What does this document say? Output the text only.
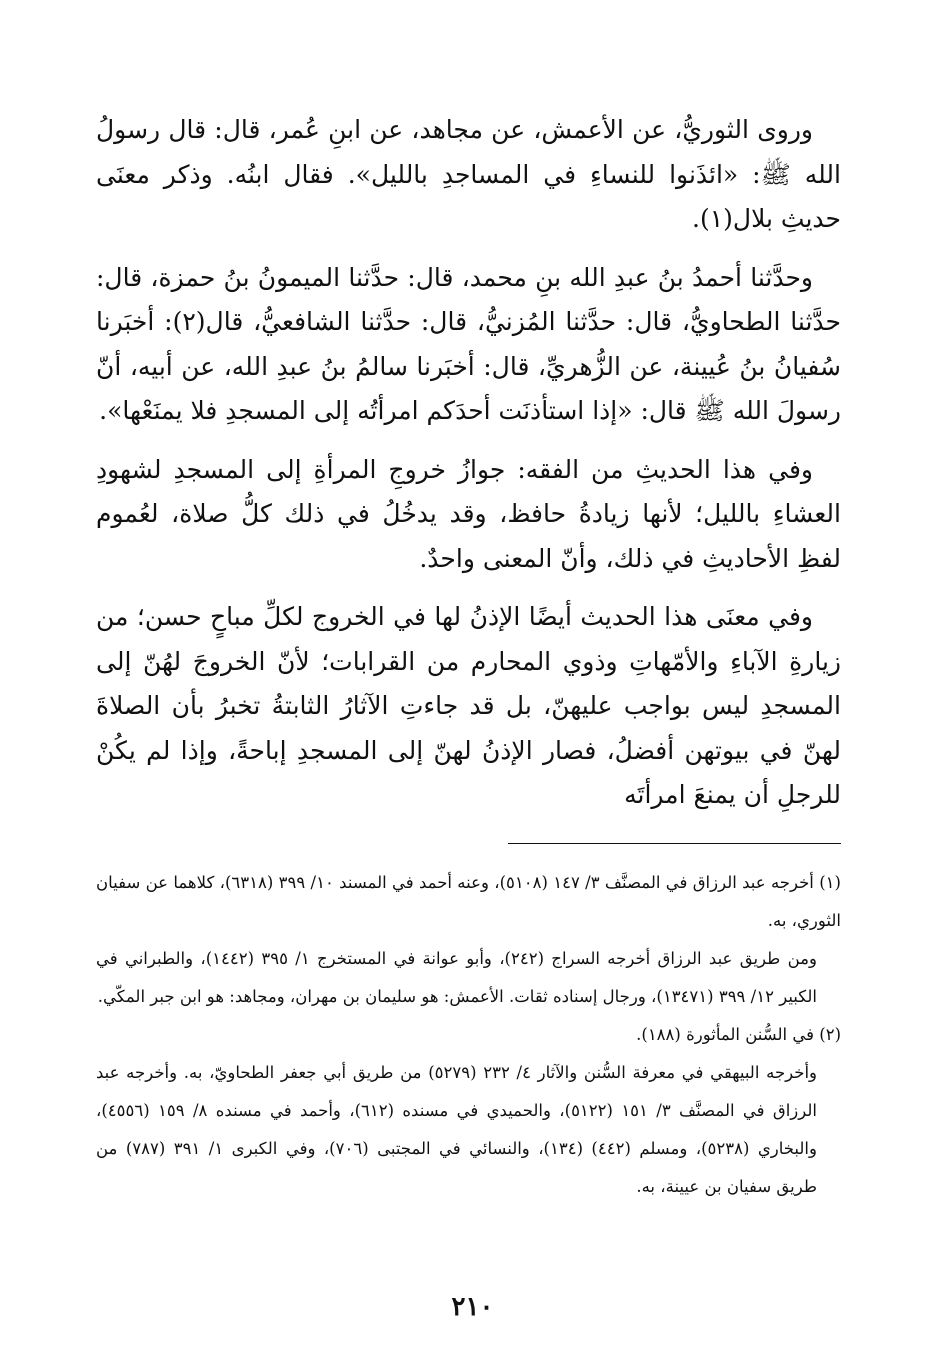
وروى الثوريُّ، عن الأعمش، عن مجاهد، عن ابنِ عُمر، قال: قال رسولُ الله ﷺ: «ائذَنوا للنساءِ في المساجدِ بالليل». فقال ابنُه. وذكر معنَى حديثِ بلال(١).

وحدَّثنا أحمدُ بنُ عبدِ الله بنِ محمد، قال: حدَّثنا الميمونُ بنُ حمزة، قال: حدَّثنا الطحاويُّ، قال: حدَّثنا المُزنيُّ، قال: حدَّثنا الشافعيُّ، قال(٢): أخبَرنا سُفيانُ بنُ عُيينة، عن الزُّهريِّ، قال: أخبَرنا سالمُ بنُ عبدِ الله، عن أبيه، أنّ رسولَ الله ﷺ قال: «إذا استأذنَت أحدَكم امرأتُه إلى المسجدِ فلا يمنَعْها».

وفي هذا الحديثِ من الفقه: جوازُ خروجِ المرأةِ إلى المسجدِ لشهودِ العشاءِ بالليل؛ لأنها زيادةُ حافظ، وقد يدخُلُ في ذلك كلُّ صلاة، لعُموم لفظِ الأحاديثِ في ذلك، وأنّ المعنى واحدٌ.

وفي معنَى هذا الحديث أيضًا الإذنُ لها في الخروج لكلِّ مباحٍ حسن؛ من زيارةِ الآباءِ والأمّهاتِ وذوي المحارم من القرابات؛ لأنّ الخروجَ لهُنّ إلى المسجدِ ليس بواجب عليهنّ، بل قد جاءتِ الآثارُ الثابتةُ تخبرُ بأن الصلاةَ لهنّ في بيوتهن أفضلُ، فصار الإذنُ لهنّ إلى المسجدِ إباحةً، وإذا لم يكُنْ للرجلِ أن يمنعَ امرأتَه

(١) أخرجه عبد الرزاق في المصنَّف ٣/ ١٤٧ (٥١٠٨)، وعنه أحمد في المسند ١٠/ ٣٩٩ (٦٣١٨)، كلاهما عن سفيان الثوري، به.

ومن طريق عبد الرزاق أخرجه السراج (٢٤٢)، وأبو عوانة في المستخرج ١/ ٣٩٥ (١٤٤٢)، والطبراني في الكبير ١٢/ ٣٩٩ (١٣٤٧١)، ورجال إسناده ثقات. الأعمش: هو سليمان بن مهران، ومجاهد: هو ابن جبر المكّي.

(٢) في السُّنن المأثورة (١٨٨).

وأخرجه البيهقي في معرفة السُّنن والآثار ٤/ ٢٣٢ (٥٢٧٩) من طريق أبي جعفر الطحاويّ، به. وأخرجه عبد الرزاق في المصنَّف ٣/ ١٥١ (٥١٢٢)، والحميدي في مسنده (٦١٢)، وأحمد في مسنده ٨/ ١٥٩ (٤٥٥٦)، والبخاري (٥٢٣٨)، ومسلم (٤٤٢) (١٣٤)، والنسائي في المجتبى (٧٠٦)، وفي الكبرى ١/ ٣٩١ (٧٨٧) من طريق سفيان بن عيينة، به.

٢١٠
